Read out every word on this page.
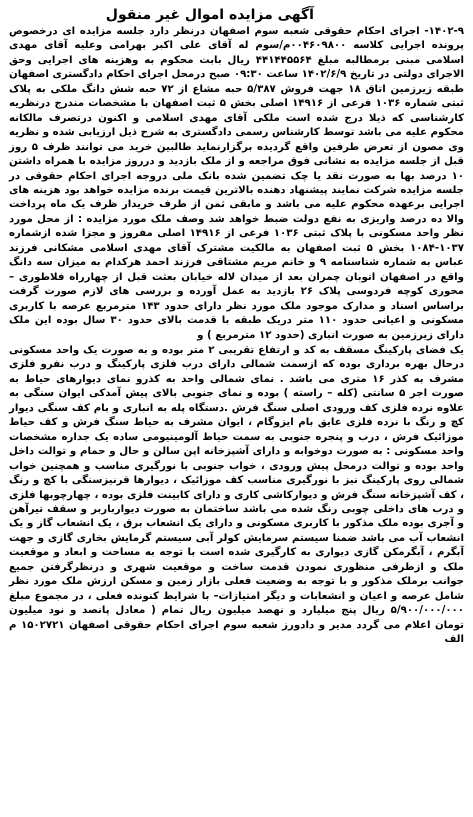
آگهی مزایده اموال غیر منقول

۱۴۰۲-۹- اجرای احکام حقوقی شعبه سوم اصفهان درنظر دارد جلسه مزایده ای درخصوص پرونده اجرایی کلاسه ۰۰۴۶۰۹۸۰۰م/سوم له آقای علی اکبر بهرامی وعلیه آقای مهدی اسلامی مبنی برمطالبه مبلغ ۴۴۱۴۴۵۵۶۴ ریال بابت محکوم به وهزینه های اجرایی وحق الاجرای دولتی در تاریخ ۱۴۰۲/۶/۹ ساعت ۰۹:۳۰ صبح درمحل اجرای احکام دادگستری اصفهان طبقه زیرزمین اتاق ۱۸ جهت فروش ۵/۳۸۷ حبه مشاع از ۷۲ حبه شش دانگ ملکی به پلاک ثبتی شماره ۱۰۳۶ فرعی از ۱۴۹۱۶ اصلی بخش ۵ ثبت اصفهان با مشخصات مندرج درنظریه کارشناسی که ذیلا درج شده است ملکی آقای مهدی اسلامی و اکنون درتصرف مالکانه محکوم علیه می باشد توسط کارشناس رسمی دادگستری به شرح ذیل ارزیابی شده و نظریه وی مصون از تعرض طرفین واقع گردیده برگزارنماید طالبین خرید می توانند ظرف ۵ روز قبل از جلسه مزایده به نشانی فوق مراجعه و از ملک بازدید و درروز مزایده با همراه داشتن ۱۰ درصد بها به صورت نقد یا چک تضمین شده بانک ملی دروجه اجرای احکام حقوقی در جلسه مزایده شرکت نمایند پیشنهاد دهنده بالاترین قیمت برنده مزایده خواهد بود هزینه های اجرایی برعهده محکوم علیه می باشد و مابقی ثمن از طرف خریدار ظرف یک ماه پرداخت والا ده درصد واریزی به نفع دولت ضبط خواهد شد وصف ملک مورد مزایده : از محل مورد نظر واحد مسکونی با پلاک ثبتی ۱۰۳۶ فرعی از ۱۴۹۱۶ اصلی مفروز و مجزا شده ازشماره ۱۰۳۷-۱۰۸۴ بخش ۵ ثبت اصفهان به مالکیت مشترک آقای مهدی اسلامی مشکانی فرزند عباس به شماره شناسنامه ۹ و خانم مریم مشتاقی فرزند احمد هرکدام به میزان سه دانگ واقع در اصفهان اتوبان چمران بعد از میدان لاله خیابان بعثت قبل از چهارراه فلاطوری – محوری کوچه فردوسی پلاک ۲۶ بازدید به عمل آورده و بررسی های لازم صورت گرفت براساس اسناد و مدارک موجود ملک مورد نظر دارای حدود ۱۴۳ مترمربع عرصه با کاربری مسکونی و اعیانی حدود ۱۱۰ متر دریک طبقه با قدمت بالای حدود ۳۰ سال بوده این ملک دارای زیرزمین به صورت انباری (حدود ۱۲ مترمربع ) و

یک فضای پارکینگ مسقف به کد و ارتفاع تقریبی ۲ متر بوده و به صورت یک واحد مسکونی درحال بهره برداری بوده که ازسمت شمالی دارای درب فلزی پارکینگ و درب نفرو فلزی مشرف به کذر ۱۶ متری می باشد . نمای شمالی واحد به کذرو نمای دیوارهای حیاط به صورت اجر ۵ سانتی (کله – راسته ) بوده و نمای جنوبی بالای پیش آمدکی ایوان سنگی به علاوه نرده فلزی کف ورودی اصلی سنگ فرش .دستگاه پله به انباری و بام کف سنگی دیوار کچ و رنگ با نرده فلزی عایق بام ایزوگام ، ایوان مشرف به حیاط سنگ فرش و کف حیاط موزائیک فرش ، درب و پنجره جنوبی به سمت حیاط آلومینیومی ساده یک جداره مشخصات واحد مسکونی : به صورت دوخوابه و دارای آشپزخانه اپن سالن و حال و حمام و توالت داخل واحد بوده و توالت درمحل پیش ورودی ، خواب جنوبی با نورگیری مناسب و همچنین خواب شمالی روی پارکینگ نیز با نورگیری مناسب کف موزائیک ، دیوارها قرنیزسنگی با کچ و رنگ ، کف آشپزخانه سنگ فرش و دیوارکاشی کاری و دارای کابینت فلزی بوده ، چهارچوبها فلزی و درب های داخلی چوبی رنگ شده می باشد ساختمان به صورت دیوارباربر و سقف تیرآهن و آجری بوده ملک مذکور با کاربری مسکونی و دارای یک انشعاب برق ، یک انشعاب گاز و یک انشعاب آب می باشد ضمنا سیستم سرمایش کولر آبی سیستم گرمایش بخاری گازی و جهت آبگرم ، آبگرمکن گازی دیواری به کارگیری شده است با توجه به مساحت و ابعاد و موقعیت ملک و ازطرفی منظوری نمودن قدمت ساخت و موقعیت شهری و درنظرگرفتن جمیع جوانب برملک مذکور و با توجه به وضعیت فعلی بازار زمین و مسکن ارزش ملک مورد نظر شامل عرصه و اعیان و انشعابات و دیگر امتیازات– با شرایط کنونده فعلی ، در مجموع مبلغ ۵/۹۰۰/۰۰۰/۰۰۰ ریال پنج میلیارد و نهصد میلیون ریال تمام ( معادل پانصد و نود میلیون تومان اعلام می گردد مدیر و دادورز شعبه سوم اجرای احکام حقوقی اصفهان ۱۵۰۲۷۲۱ م الف
